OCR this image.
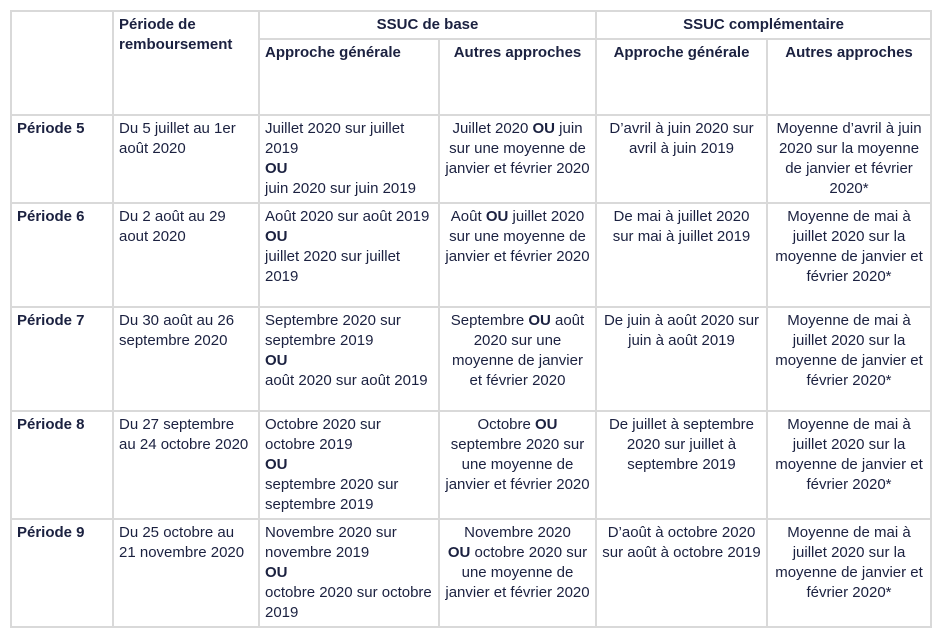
	Période de remboursement	SSUC de base		SSUC complémentaire	
		Approche générale	Autres approches	Approche générale	Autres approches
Période 5	Du 5 juillet au 1er août 2020	Juillet 2020 sur juillet 2019
OU
juin 2020 sur juin 2019	Juillet 2020 OU juin sur une moyenne de janvier et février 2020	D’avril à juin 2020 sur avril à juin 2019	Moyenne d’avril à juin 2020 sur la moyenne de janvier et février 2020*
Période 6	Du 2 août au 29 aout 2020	Août 2020 sur août 2019
OU
juillet 2020 sur juillet 2019	Août OU juillet 2020 sur une moyenne de janvier et février 2020	De mai à juillet 2020 sur mai à juillet 2019	Moyenne de mai à juillet 2020 sur la moyenne de janvier et février 2020*
Période 7	Du 30 août au 26 septembre 2020	Septembre 2020 sur septembre 2019
OU
août 2020 sur août 2019	Septembre OU août 2020 sur une moyenne de janvier et février 2020	De juin à août 2020 sur juin à août 2019	Moyenne de mai à juillet 2020 sur la moyenne de janvier et février 2020*
Période 8	Du 27 septembre au 24 octobre 2020	Octobre 2020 sur octobre 2019
OU
septembre 2020 sur septembre 2019	Octobre OU septembre 2020 sur une moyenne de janvier et février 2020	De juillet à septembre 2020 sur juillet à septembre 2019	Moyenne de mai à juillet 2020 sur la moyenne de janvier et février 2020*
Période 9	Du 25 octobre au 21 novembre 2020	Novembre 2020 sur novembre 2019
OU
octobre 2020 sur octobre 2019	Novembre 2020
OU octobre 2020 sur une moyenne de janvier et février 2020	D’août à octobre 2020 sur août à octobre 2019	Moyenne de mai à juillet 2020 sur la moyenne de janvier et février 2020*
